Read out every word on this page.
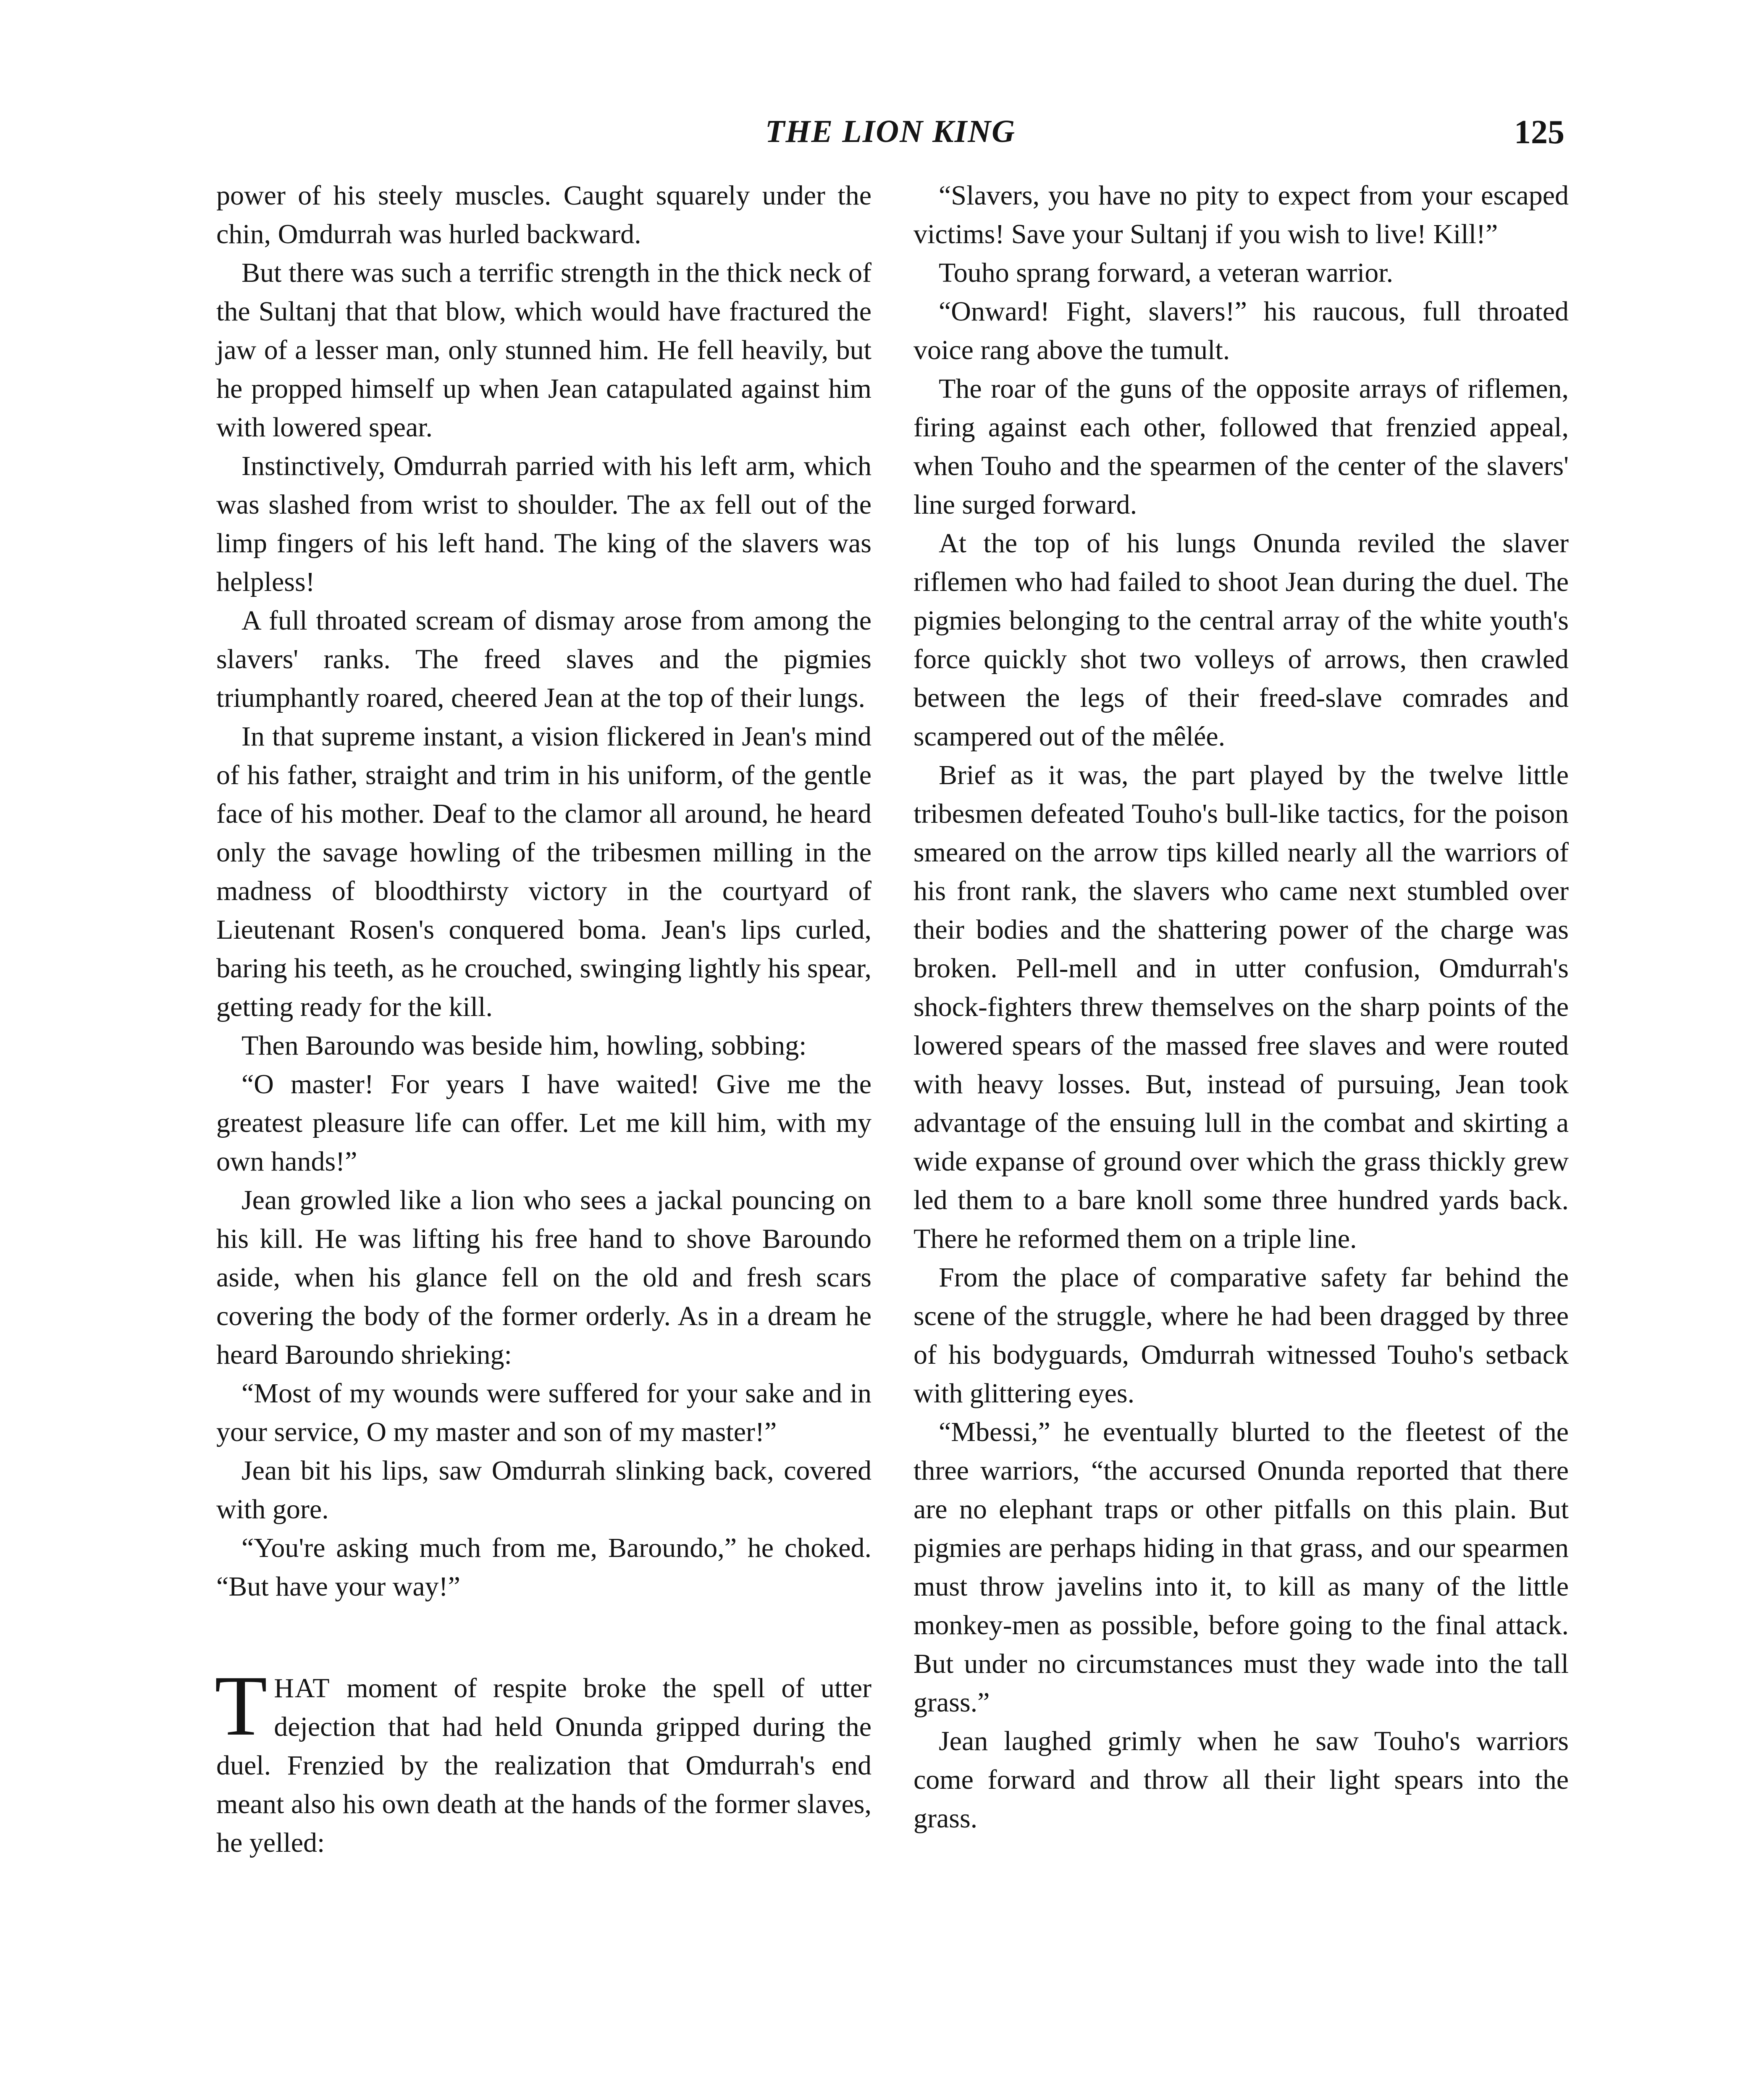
THE LION KING	125

power of his steely muscles. Caught squarely under the chin, Omdurrah was hurled backward.

But there was such a terrific strength in the thick neck of the Sultanj that that blow, which would have fractured the jaw of a lesser man, only stunned him. He fell heavily, but he propped himself up when Jean catapulated against him with lowered spear.

Instinctively, Omdurrah parried with his left arm, which was slashed from wrist to shoulder. The ax fell out of the limp fingers of his left hand. The king of the slavers was helpless!

A full throated scream of dismay arose from among the slavers' ranks. The freed slaves and the pigmies triumphantly roared, cheered Jean at the top of their lungs.

In that supreme instant, a vision flickered in Jean's mind of his father, straight and trim in his uniform, of the gentle face of his mother. Deaf to the clamor all around, he heard only the savage howling of the tribesmen milling in the madness of bloodthirsty victory in the courtyard of Lieutenant Rosen's conquered boma. Jean's lips curled, baring his teeth, as he crouched, swinging lightly his spear, getting ready for the kill.

Then Baroundo was beside him, howling, sobbing:

“O master! For years I have waited! Give me the greatest pleasure life can offer. Let me kill him, with my own hands!”

Jean growled like a lion who sees a jackal pouncing on his kill. He was lifting his free hand to shove Baroundo aside, when his glance fell on the old and fresh scars covering the body of the former orderly. As in a dream he heard Baroundo shrieking:

“Most of my wounds were suffered for your sake and in your service, O my master and son of my master!”

Jean bit his lips, saw Omdurrah slinking back, covered with gore.

“You're asking much from me, Baroundo,” he choked. “But have your way!”

THAT moment of respite broke the spell of utter dejection that had held Onunda gripped during the duel. Frenzied by the realization that Omdurrah's end meant also his own death at the hands of the former slaves, he yelled:

“Slavers, you have no pity to expect from your escaped victims! Save your Sultanj if you wish to live! Kill!”

Touho sprang forward, a veteran warrior.

“Onward! Fight, slavers!” his raucous, full throated voice rang above the tumult.

The roar of the guns of the opposite arrays of riflemen, firing against each other, followed that frenzied appeal, when Touho and the spearmen of the center of the slavers' line surged forward.

At the top of his lungs Onunda reviled the slaver riflemen who had failed to shoot Jean during the duel. The pigmies belonging to the central array of the white youth's force quickly shot two volleys of arrows, then crawled between the legs of their freed-slave comrades and scampered out of the mêlée.

Brief as it was, the part played by the twelve little tribesmen defeated Touho's bull-like tactics, for the poison smeared on the arrow tips killed nearly all the warriors of his front rank, the slavers who came next stumbled over their bodies and the shattering power of the charge was broken. Pell-mell and in utter confusion, Omdurrah's shock-fighters threw themselves on the sharp points of the lowered spears of the massed free slaves and were routed with heavy losses. But, instead of pursuing, Jean took advantage of the ensuing lull in the combat and skirting a wide expanse of ground over which the grass thickly grew led them to a bare knoll some three hundred yards back. There he reformed them on a triple line.

From the place of comparative safety far behind the scene of the struggle, where he had been dragged by three of his bodyguards, Omdurrah witnessed Touho's setback with glittering eyes.

“Mbessi,” he eventually blurted to the fleetest of the three warriors, “the accursed Onunda reported that there are no elephant traps or other pitfalls on this plain. But pigmies are perhaps hiding in that grass, and our spearmen must throw javelins into it, to kill as many of the little monkey-men as possible, before going to the final attack. But under no circumstances must they wade into the tall grass.”

Jean laughed grimly when he saw Touho's warriors come forward and throw all their light spears into the grass.
